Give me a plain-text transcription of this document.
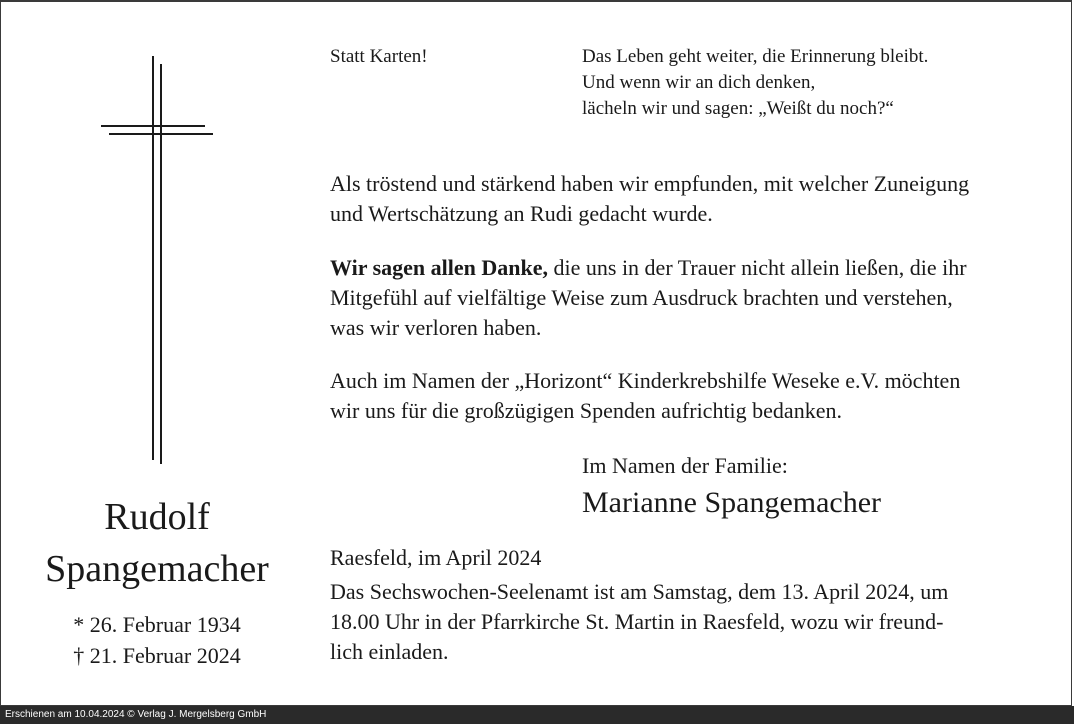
Rudolf
Spangemacher
* 26. Februar 1934
† 21. Februar 2024
Statt Karten!	Das Leben geht weiter, die Erinnerung bleibt.
Und wenn wir an dich denken,
lächeln wir und sagen: „Weißt du noch?“
Als tröstend und stärkend haben wir empfunden, mit welcher Zuneigung
und Wertschätzung an Rudi gedacht wurde.
Wir sagen allen Danke, die uns in der Trauer nicht allein ließen, die ihr
Mitgefühl auf vielfältige Weise zum Ausdruck brachten und verstehen,
was wir verloren haben.
Auch im Namen der „Horizont“ Kinderkrebshilfe Weseke e.V. möchten
wir uns für die großzügigen Spenden aufrichtig bedanken.
Im Namen der Familie:
Marianne Spangemacher
Raesfeld, im April 2024
Das Sechswochen-Seelenamt ist am Samstag, dem 13. April 2024, um
18.00 Uhr in der Pfarrkirche St. Martin in Raesfeld, wozu wir freund-
lich einladen.
Erschienen am 10.04.2024 © Verlag J. Mergelsberg GmbH
